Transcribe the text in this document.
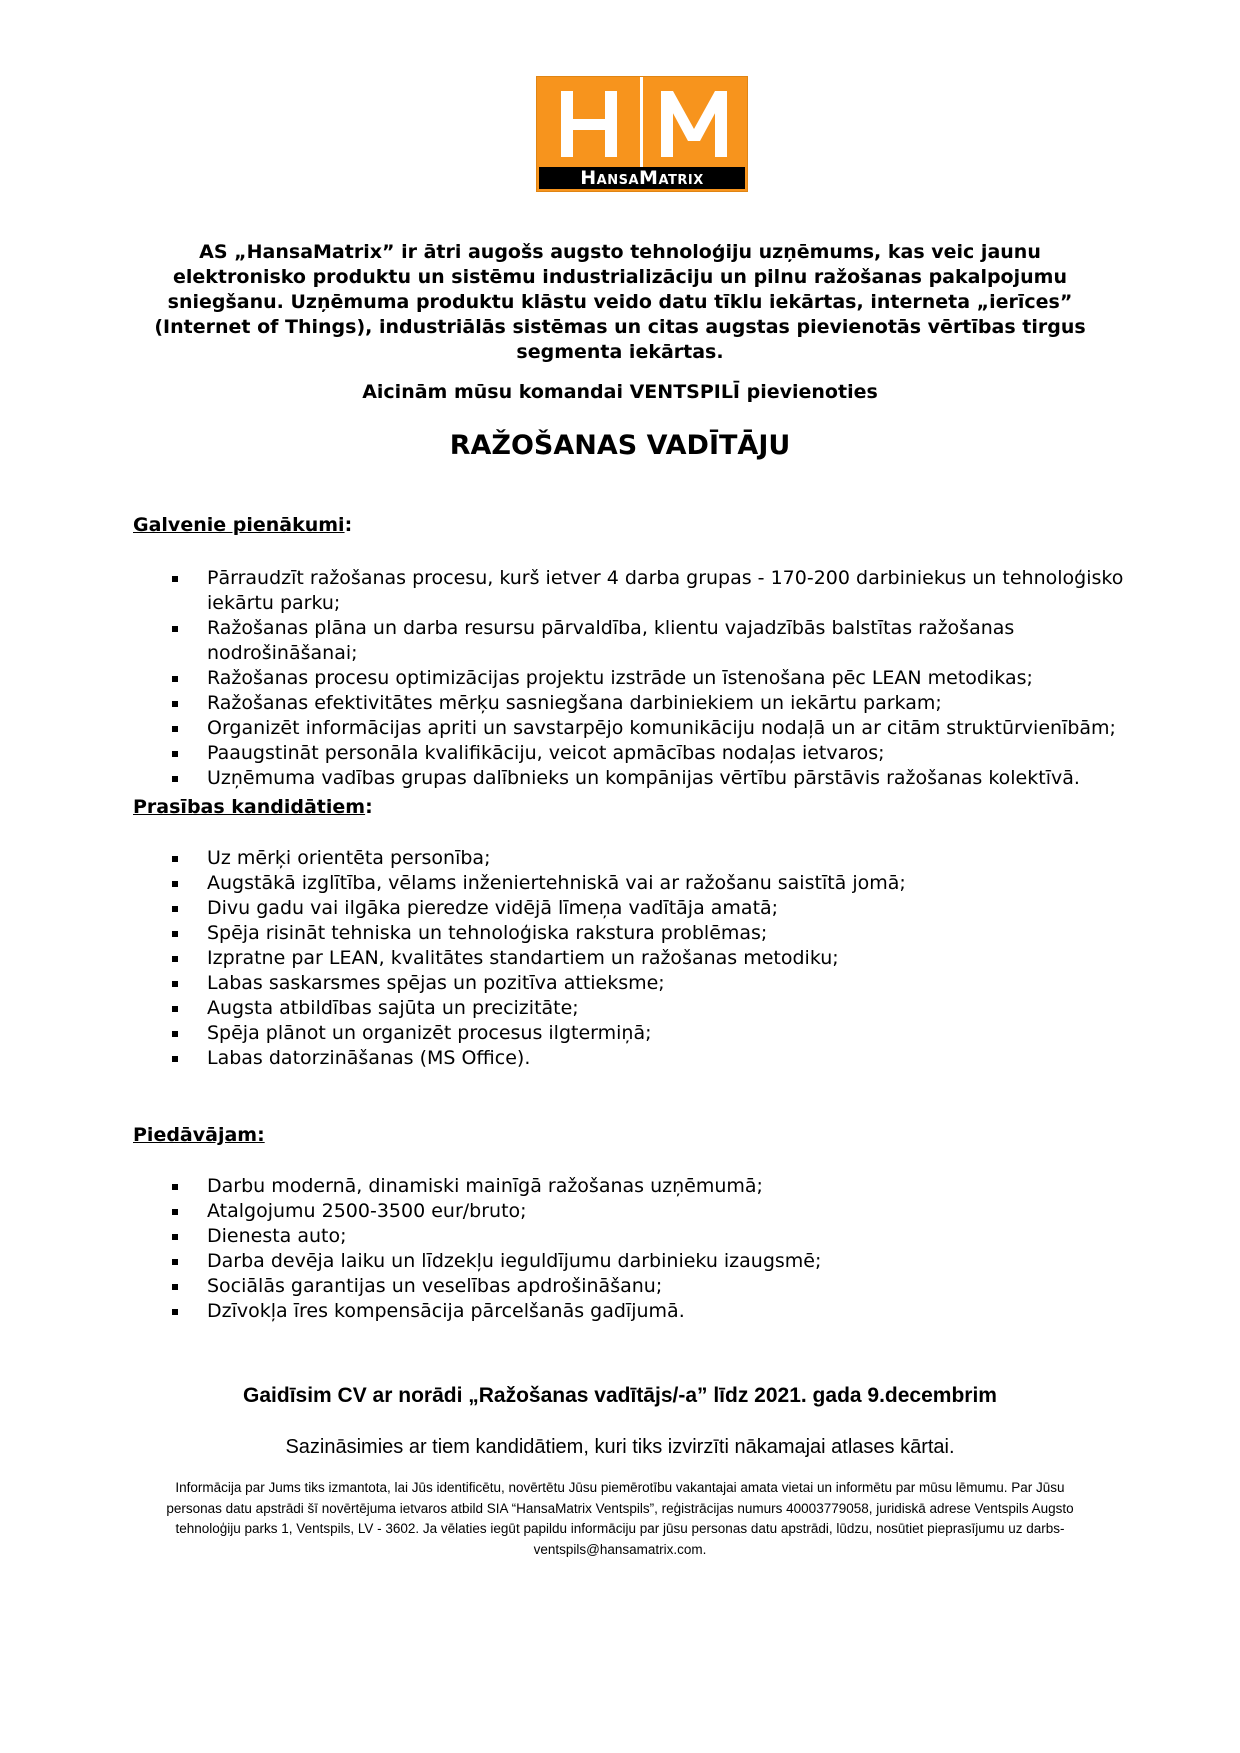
HansaMatrix

AS „HansaMatrix” ir ātri augošs augsto tehnoloģiju uzņēmums, kas veic jaunu elektronisko produktu un sistēmu industrializāciju un pilnu ražošanas pakalpojumu sniegšanu. Uzņēmuma produktu klāstu veido datu tīklu iekārtas, interneta „ierīces” (Internet of Things), industriālās sistēmas un citas augstas pievienotās vērtības tirgus segmenta iekārtas.

Aicinām mūsu komandai VENTSPILĪ pievienoties

RAŽOŠANAS VADĪTĀJU
Galvenie pienākumi:
Pārraudzīt ražošanas procesu, kurš ietver 4 darba grupas - 170-200 darbiniekus un tehnoloģisko iekārtu parku;
Ražošanas plāna un darba resursu pārvaldība, klientu vajadzībās balstītas ražošanas nodrošināšanai;
Ražošanas procesu optimizācijas projektu izstrāde un īstenošana pēc LEAN metodikas;
Ražošanas efektivitātes mērķu sasniegšana darbiniekiem un iekārtu parkam;
Organizēt informācijas apriti un savstarpējo komunikāciju nodaļā un ar citām struktūrvienībām;
Paaugstināt personāla kvalifikāciju, veicot apmācības nodaļas ietvaros;
Uzņēmuma vadības grupas dalībnieks un kompānijas vērtību pārstāvis ražošanas kolektīvā.
Prasības kandidātiem:
Uz mērķi orientēta personība;
Augstākā izglītība, vēlams inženiertehniskā vai ar ražošanu saistītā jomā;
Divu gadu vai ilgāka pieredze vidējā līmeņa vadītāja amatā;
Spēja risināt tehniska un tehnoloģiska rakstura problēmas;
Izpratne par LEAN, kvalitātes standartiem un ražošanas metodiku;
Labas saskarsmes spējas un pozitīva attieksme;
Augsta atbildības sajūta un precizitāte;
Spēja plānot un organizēt procesus ilgtermiņā;
Labas datorzināšanas (MS Office).
Piedāvājam:
Darbu modernā, dinamiski mainīgā ražošanas uzņēmumā;
Atalgojumu 2500-3500 eur/bruto;
Dienesta auto;
Darba devēja laiku un līdzekļu ieguldījumu darbinieku izaugsmē;
Sociālās garantijas un veselības apdrošināšanu;
Dzīvokļa īres kompensācija pārcelšanās gadījumā.

Gaidīsim CV ar norādi „Ražošanas vadītājs/-a” līdz 2021. gada 9.decembrim

Sazināsimies ar tiem kandidātiem, kuri tiks izvirzīti nākamajai atlases kārtai.

Informācija par Jums tiks izmantota, lai Jūs identificētu, novērtētu Jūsu piemērotību vakantajai amata vietai un informētu par mūsu lēmumu. Par Jūsu personas datu apstrādi šī novērtējuma ietvaros atbild SIA “HansaMatrix Ventspils”, reģistrācijas numurs 40003779058, juridiskā adrese Ventspils Augsto tehnoloģiju parks 1, Ventspils, LV - 3602. Ja vēlaties iegūt papildu informāciju par jūsu personas datu apstrādi, lūdzu, nosūtiet pieprasījumu uz darbs-ventspils@hansamatrix.com.
